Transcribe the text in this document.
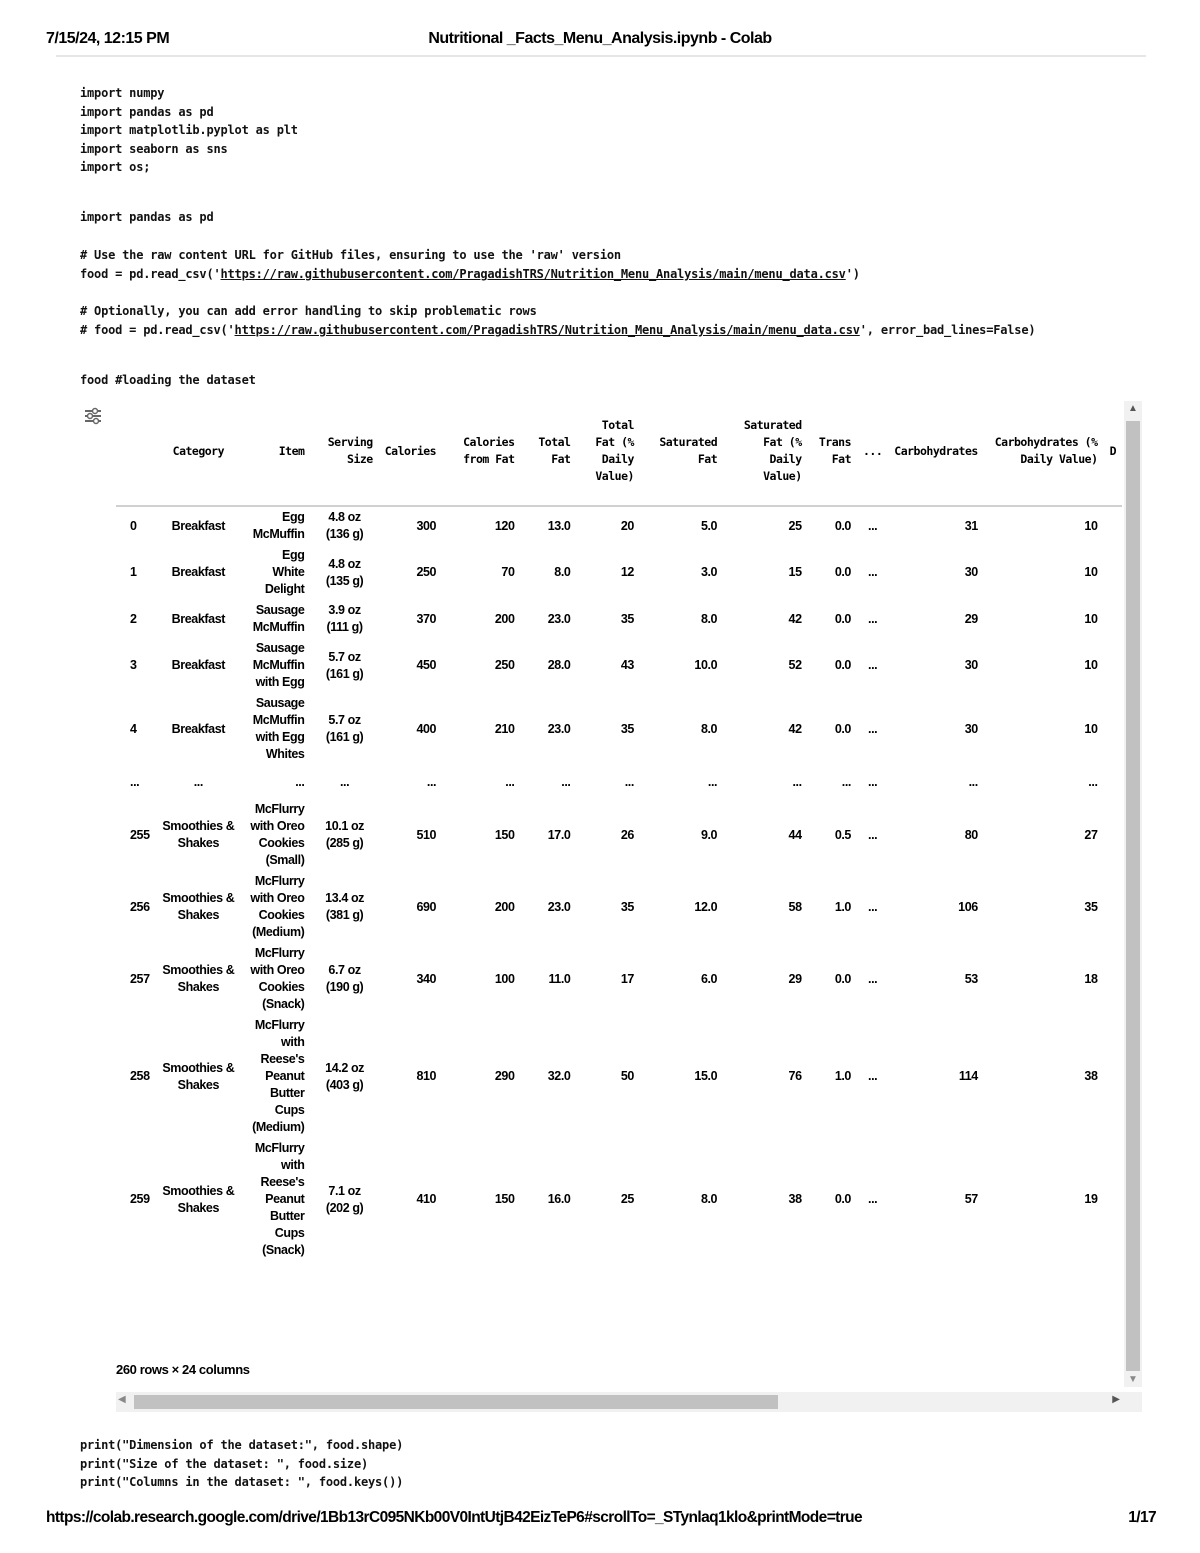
7/15/24, 12:15 PM	Nutritional _Facts_Menu_Analysis.ipynb - Colab
import numpy
import pandas as pd
import matplotlib.pyplot as plt
import seaborn as sns
import os;
import pandas as pd
# Use the raw content URL for GitHub files, ensuring to use the 'raw' version
food = pd.read_csv('https://raw.githubusercontent.com/PragadishTRS/Nutrition_Menu_Analysis/main/menu_data.csv')
# Optionally, you can add error handling to skip problematic rows
# food = pd.read_csv('https://raw.githubusercontent.com/PragadishTRS/Nutrition_Menu_Analysis/main/menu_data.csv', error_bad_lines=False)
food #loading the dataset
	Category	Item	Serving Size	Calories	Calories from Fat	Total Fat	Total Fat (% Daily Value)	Saturated Fat	Saturated Fat (% Daily Value)	Trans Fat	...	Carbohydrates	Carbohydrates (% Daily Value)	D
0	Breakfast	Egg McMuffin	4.8 oz (136 g)	300	120	13.0	20	5.0	25	0.0	...	31	10	
1	Breakfast	Egg White Delight	4.8 oz (135 g)	250	70	8.0	12	3.0	15	0.0	...	30	10	
2	Breakfast	Sausage McMuffin	3.9 oz (111 g)	370	200	23.0	35	8.0	42	0.0	...	29	10	
3	Breakfast	Sausage McMuffin with Egg	5.7 oz (161 g)	450	250	28.0	43	10.0	52	0.0	...	30	10	
4	Breakfast	Sausage McMuffin with Egg Whites	5.7 oz (161 g)	400	210	23.0	35	8.0	42	0.0	...	30	10	
...	...	...	...	...	...	...	...	...	...	...	...	...	...	
255	Smoothies & Shakes	McFlurry with Oreo Cookies (Small)	10.1 oz (285 g)	510	150	17.0	26	9.0	44	0.5	...	80	27	
256	Smoothies & Shakes	McFlurry with Oreo Cookies (Medium)	13.4 oz (381 g)	690	200	23.0	35	12.0	58	1.0	...	106	35	
257	Smoothies & Shakes	McFlurry with Oreo Cookies (Snack)	6.7 oz (190 g)	340	100	11.0	17	6.0	29	0.0	...	53	18	
258	Smoothies & Shakes	McFlurry with Reese's Peanut Butter Cups (Medium)	14.2 oz (403 g)	810	290	32.0	50	15.0	76	1.0	...	114	38	
259	Smoothies & Shakes	McFlurry with Reese's Peanut Butter Cups (Snack)	7.1 oz (202 g)	410	150	16.0	25	8.0	38	0.0	...	57	19	
▲
▼
◀	▶
260 rows × 24 columns
print("Dimension of the dataset:", food.shape)
print("Size of the dataset: ", food.size)
print("Columns in the dataset: ", food.keys())
https://colab.research.google.com/drive/1Bb13rC095NKb00V0IntUtjB42EizTeP6#scrollTo=_STynlaq1klo&printMode=true	1/17
